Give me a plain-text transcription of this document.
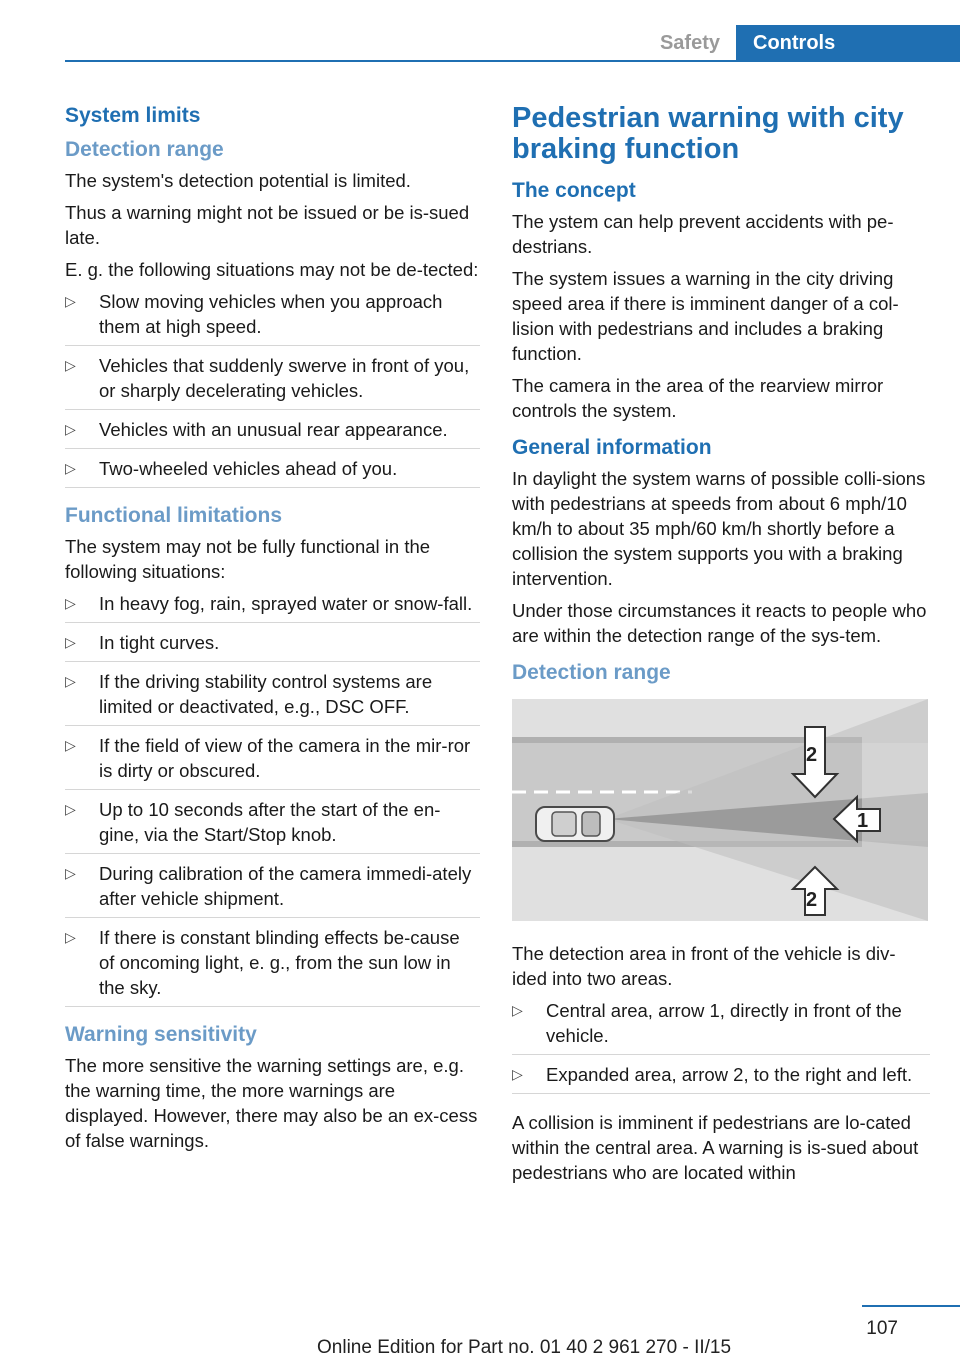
Safety	Controls
System limits
Detection range

The system's detection potential is limited.

Thus a warning might not be issued or be is-sued late.

E. g. the following situations may not be de-tected:

▷ Slow moving vehicles when you approach them at high speed.
▷ Vehicles that suddenly swerve in front of you, or sharply decelerating vehicles.
▷ Vehicles with an unusual rear appearance.
▷ Two-wheeled vehicles ahead of you.
Functional limitations

The system may not be fully functional in the following situations:

▷ In heavy fog, rain, sprayed water or snow-fall.
▷ In tight curves.
▷ If the driving stability control systems are limited or deactivated, e.g., DSC OFF.
▷ If the field of view of the camera in the mir-ror is dirty or obscured.
▷ Up to 10 seconds after the start of the en-gine, via the Start/Stop knob.
▷ During calibration of the camera immedi-ately after vehicle shipment.
▷ If there is constant blinding effects be-cause of oncoming light, e. g., from the sun low in the sky.
Warning sensitivity

The more sensitive the warning settings are, e.g. the warning time, the more warnings are displayed. However, there may also be an ex-cess of false warnings.

Pedestrian warning with city braking function
The concept

The ystem can help prevent accidents with pe-destrians.

The system issues a warning in the city driving speed area if there is imminent danger of a col-lision with pedestrians and includes a braking function.

The camera in the area of the rearview mirror controls the system.

General information

In daylight the system warns of possible colli-sions with pedestrians at speeds from about 6 mph/10 km/h to about 35 mph/60 km/h shortly before a collision the system supports you with a braking intervention.

Under those circumstances it reacts to people who are within the detection range of the sys-tem.

Detection range
1
2
2

The detection area in front of the vehicle is div-ided into two areas.

▷ Central area, arrow 1, directly in front of the vehicle.
▷ Expanded area, arrow 2, to the right and left.

A collision is imminent if pedestrians are lo-cated within the central area. A warning is is-sued about pedestrians who are located within

107
Online Edition for Part no. 01 40 2 961 270 - II/15
